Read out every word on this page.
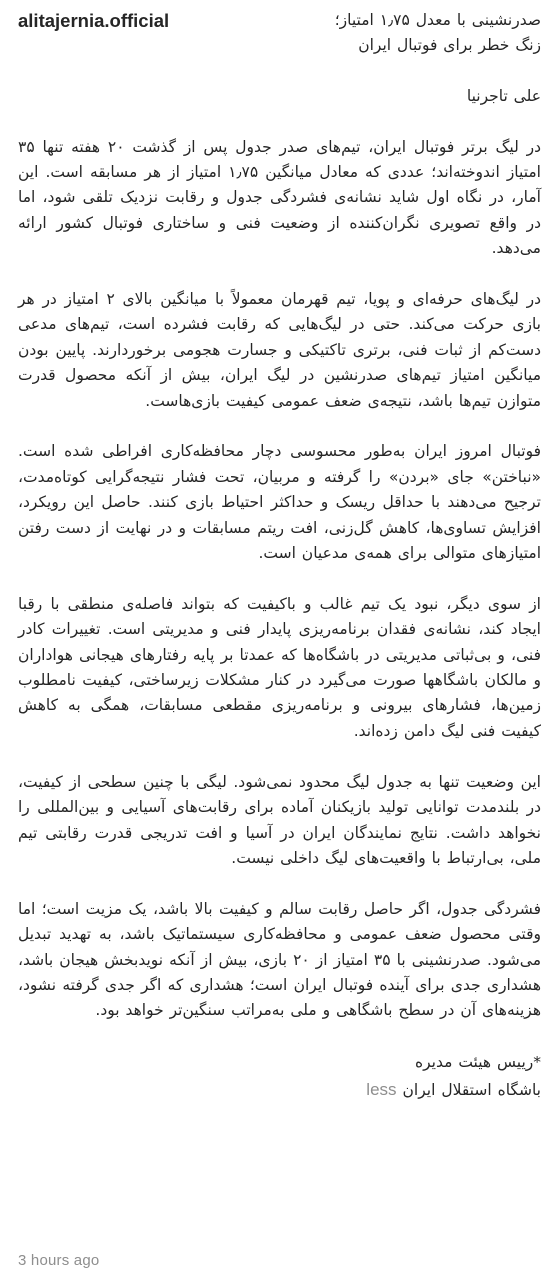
alitajernia.official	صدرنشینی با معدل ۱٫۷۵ امتیاز؛
زنگ خطر برای فوتبال ایران
علی تاجرنیا

در لیگ برتر فوتبال ایران، تیم‌های صدر جدول پس از گذشت ۲۰ هفته تنها ۳۵ امتیاز اندوخته‌اند؛ عددی که معادل میانگین ۱٫۷۵ امتیاز از هر مسابقه است. این آمار، در نگاه اول شاید نشانه‌ی فشردگی جدول و رقابت نزدیک تلقی شود، اما در واقع تصویری نگران‌کننده از وضعیت فنی و ساختاری فوتبال کشور ارائه می‌دهد.

در لیگ‌های حرفه‌ای و پویا، تیم قهرمان معمولاً با میانگین بالای ۲ امتیاز در هر بازی حرکت می‌کند. حتی در لیگ‌هایی که رقابت فشرده است، تیم‌های مدعی دست‌کم از ثبات فنی، برتری تاکتیکی و جسارت هجومی برخوردارند. پایین بودن میانگین امتیاز تیم‌های صدرنشین در لیگ ایران، بیش از آنکه محصول قدرت متوازن تیم‌ها باشد، نتیجه‌ی ضعف عمومی کیفیت بازی‌هاست.

فوتبال امروز ایران به‌طور محسوسی دچار محافظه‌کاری افراطی شده است. «نباختن» جای «بردن» را گرفته و مربیان، تحت فشار نتیجه‌گرایی کوتاه‌مدت، ترجیح می‌دهند با حداقل ریسک و حداکثر احتیاط بازی کنند. حاصل این رویکرد، افزایش تساوی‌ها، کاهش گل‌زنی، افت ریتم مسابقات و در نهایت از دست رفتن امتیازهای متوالی برای همه‌ی مدعیان است.

از سوی دیگر، نبود یک تیم غالب و باکیفیت که بتواند فاصله‌ی منطقی با رقبا ایجاد کند، نشانه‌ی فقدان برنامه‌ریزی پایدار فنی و مدیریتی است. تغییرات کادر فنی، و بی‌ثباتی مدیریتی در باشگاه‌ها که عمدتا بر پایه رفتارهای هیجانی هواداران و مالکان باشگاهها صورت می‌گیرد در کنار مشکلات زیرساختی، کیفیت نامطلوب زمین‌ها، فشارهای بیرونی و برنامه‌ریزی مقطعی مسابقات، همگی به کاهش کیفیت فنی لیگ دامن زده‌اند.

این وضعیت تنها به جدول لیگ محدود نمی‌شود. لیگی با چنین سطحی از کیفیت، در بلندمدت توانایی تولید بازیکنان آماده برای رقابت‌های آسیایی و بین‌المللی را نخواهد داشت. نتایج نمایندگان ایران در آسیا و افت تدریجی قدرت رقابتی تیم ملی، بی‌ارتباط با واقعیت‌های لیگ داخلی نیست.

فشردگی جدول، اگر حاصل رقابت سالم و کیفیت بالا باشد، یک مزیت است؛ اما وقتی محصول ضعف عمومی و محافظه‌کاری سیستماتیک باشد، به تهدید تبدیل می‌شود. صدرنشینی با ۳۵ امتیاز از ۲۰ بازی، بیش از آنکه نویدبخش هیجان باشد، هشداری جدی برای آینده فوتبال ایران است؛ هشداری که اگر جدی گرفته نشود، هزینه‌های آن در سطح باشگاهی و ملی به‌مراتب سنگین‌تر خواهد بود.

*رییس هیئت مدیره

باشگاه استقلال ایرانless

3 hours ago
